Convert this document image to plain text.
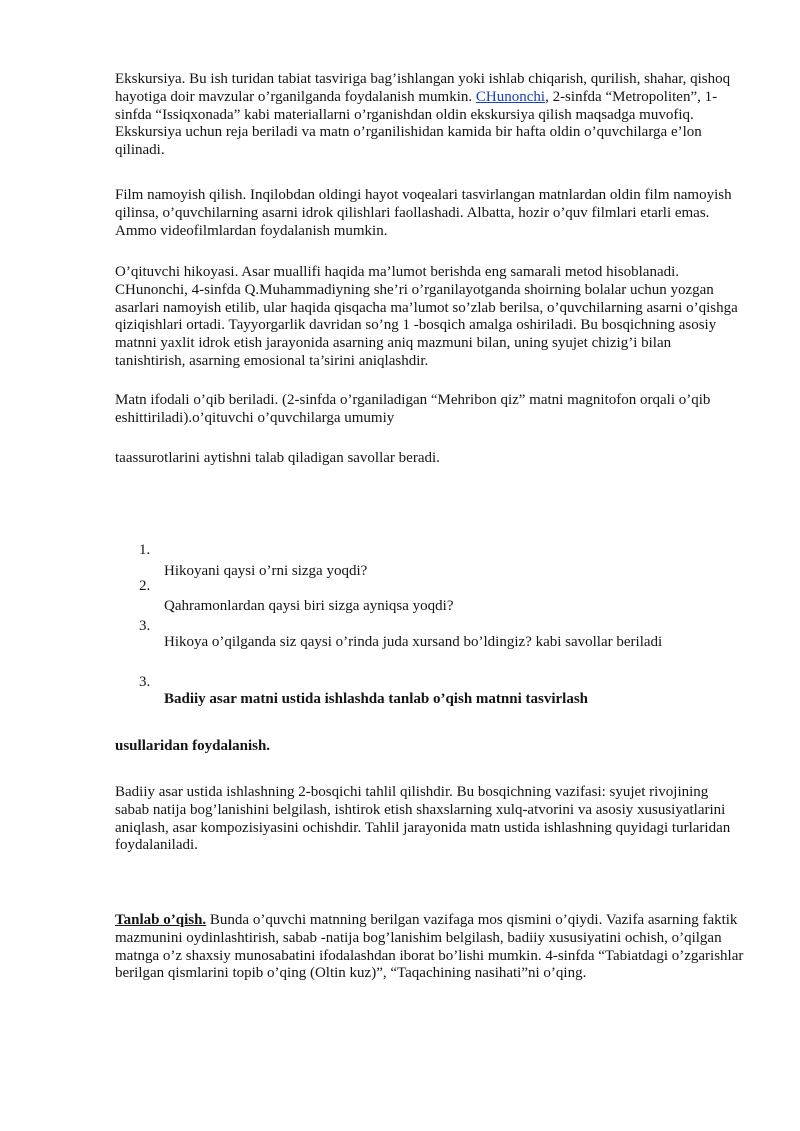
Ekskursiya. Bu ish turidan tabiat tasviriga bag’ishlangan yoki ishlab chiqarish, qurilish, shahar, qishoq hayotiga doir mavzular o’rganilganda foydalanish mumkin. CHunonchi, 2-sinfda “Metropoliten”, 1-sinfda “Issiqxonada” kabi materiallarni o’rganishdan oldin ekskursiya qilish maqsadga muvofiq. Ekskursiya uchun reja beriladi va matn o’rganilishidan kamida bir hafta oldin o’quvchilarga e’lon qilinadi.

Film namoyish qilish. Inqilobdan oldingi hayot voqealari tasvirlangan matnlardan oldin film namoyish qilinsa, o’quvchilarning asarni idrok qilishlari faollashadi. Albatta, hozir o’quv filmlari etarli emas. Ammo videofilmlardan foydalanish mumkin.

O’qituvchi hikoyasi. Asar muallifi haqida ma’lumot berishda eng samarali metod hisoblanadi. CHunonchi, 4-sinfda Q.Muhammadiyning she’ri o’rganilayotganda shoirning bolalar uchun yozgan asarlari namoyish etilib, ular haqida qisqacha ma’lumot so’zlab berilsa, o’quvchilarning asarni o’qishga qiziqishlari ortadi. Tayyorgarlik davridan so’ng 1 -bosqich amalga oshiriladi. Bu bosqichning asosiy matnni yaxlit idrok etish jarayonida asarning aniq mazmuni bilan, uning syujet chizig’i bilan tanishtirish, asarning emosional ta’sirini aniqlashdir.

Matn ifodali o’qib beriladi. (2-sinfda o’rganiladigan “Mehribon qiz” matni magnitofon orqali o’qib eshittiriladi).o’qituvchi o’quvchilarga umumiy

taassurotlarini aytishni talab qiladigan savollar beradi.

1.
Hikoyani qaysi o’rni sizga yoqdi?
2.
Qahramonlardan qaysi biri sizga ayniqsa yoqdi?
3.
Hikoya o’qilganda siz qaysi o’rinda juda xursand bo’ldingiz? kabi savollar beriladi
3.
Badiiy asar matni ustida ishlashda tanlab o’qish matnni tasvirlash

usullaridan foydalanish.

Badiiy asar ustida ishlashning 2-bosqichi tahlil qilishdir. Bu bosqichning vazifasi: syujet rivojining sabab natija bog’lanishini belgilash, ishtirok etish shaxslarning xulq-atvorini va asosiy xususiyatlarini aniqlash, asar kompozisiyasini ochishdir. Tahlil jarayonida matn ustida ishlashning quyidagi turlaridan foydalaniladi.

Tanlab o’qish. Bunda o’quvchi matnning berilgan vazifaga mos qismini o’qiydi. Vazifa asarning faktik mazmunini oydinlashtirish, sabab -natija bog’lanishim belgilash, badiiy xususiyatini ochish, o’qilgan matnga o’z shaxsiy munosabatini ifodalashdan iborat bo’lishi mumkin. 4-sinfda “Tabiatdagi o’zgarishlar berilgan qismlarini topib o’qing (Oltin kuz)”, “Taqachining nasihati”ni o’qing.
